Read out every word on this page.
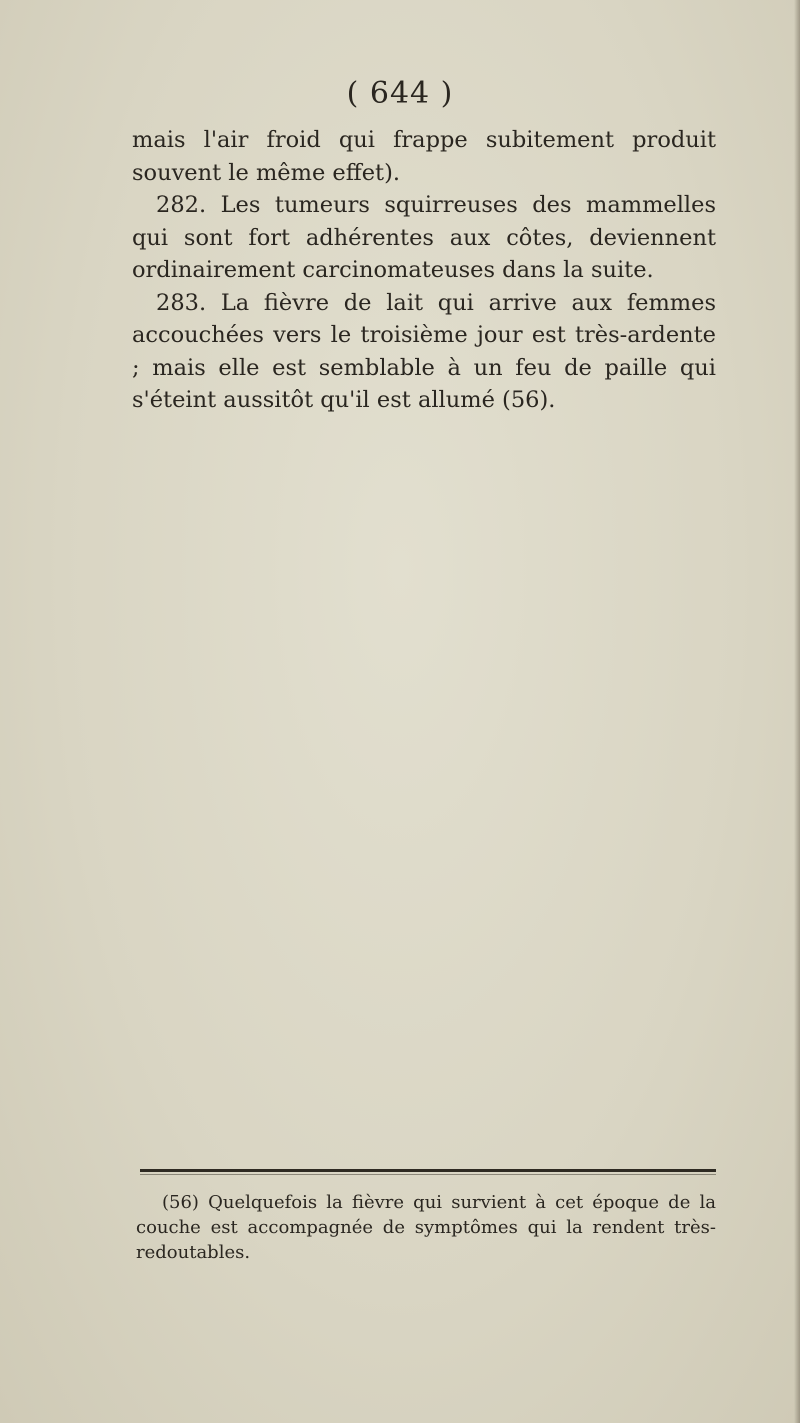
( 644 )

mais l'air froid qui frappe subitement produit souvent le même effet).

282. Les tumeurs squirreuses des mammelles qui sont fort adhérentes aux côtes, deviennent ordinairement carcinomateuses dans la suite.

283. La fièvre de lait qui arrive aux femmes accouchées vers le troisième jour est très-ardente ; mais elle est semblable à un feu de paille qui s'éteint aussitôt qu'il est allumé (56).

(56) Quelquefois la fièvre qui survient à cet époque de la couche est accompagnée de symptômes qui la rendent très-redoutables.
